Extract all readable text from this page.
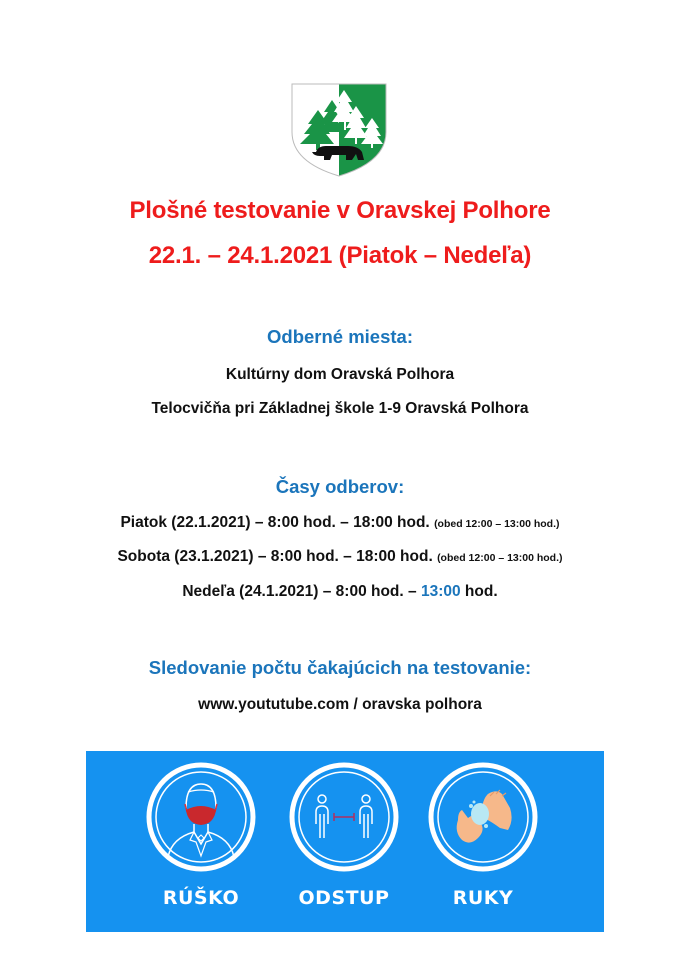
Plošné testovanie v Oravskej Polhore
22.1. – 24.1.2021 (Piatok – Nedeľa)
Odberné miesta:
Kultúrny dom Oravská Polhora
Telocvičňa pri Základnej škole 1-9 Oravská Polhora
Časy odberov:
Piatok (22.1.2021) – 8:00 hod. – 18:00 hod. (obed 12:00 – 13:00 hod.)
Sobota (23.1.2021) – 8:00 hod. – 18:00 hod. (obed 12:00 – 13:00 hod.)
Nedeľa (24.1.2021) – 8:00 hod. – 13:00 hod.
Sledovanie počtu čakajúcich na testovanie:
www.yoututube.com / oravska polhora
RÚŠKO	ODSTUP	RUKY
